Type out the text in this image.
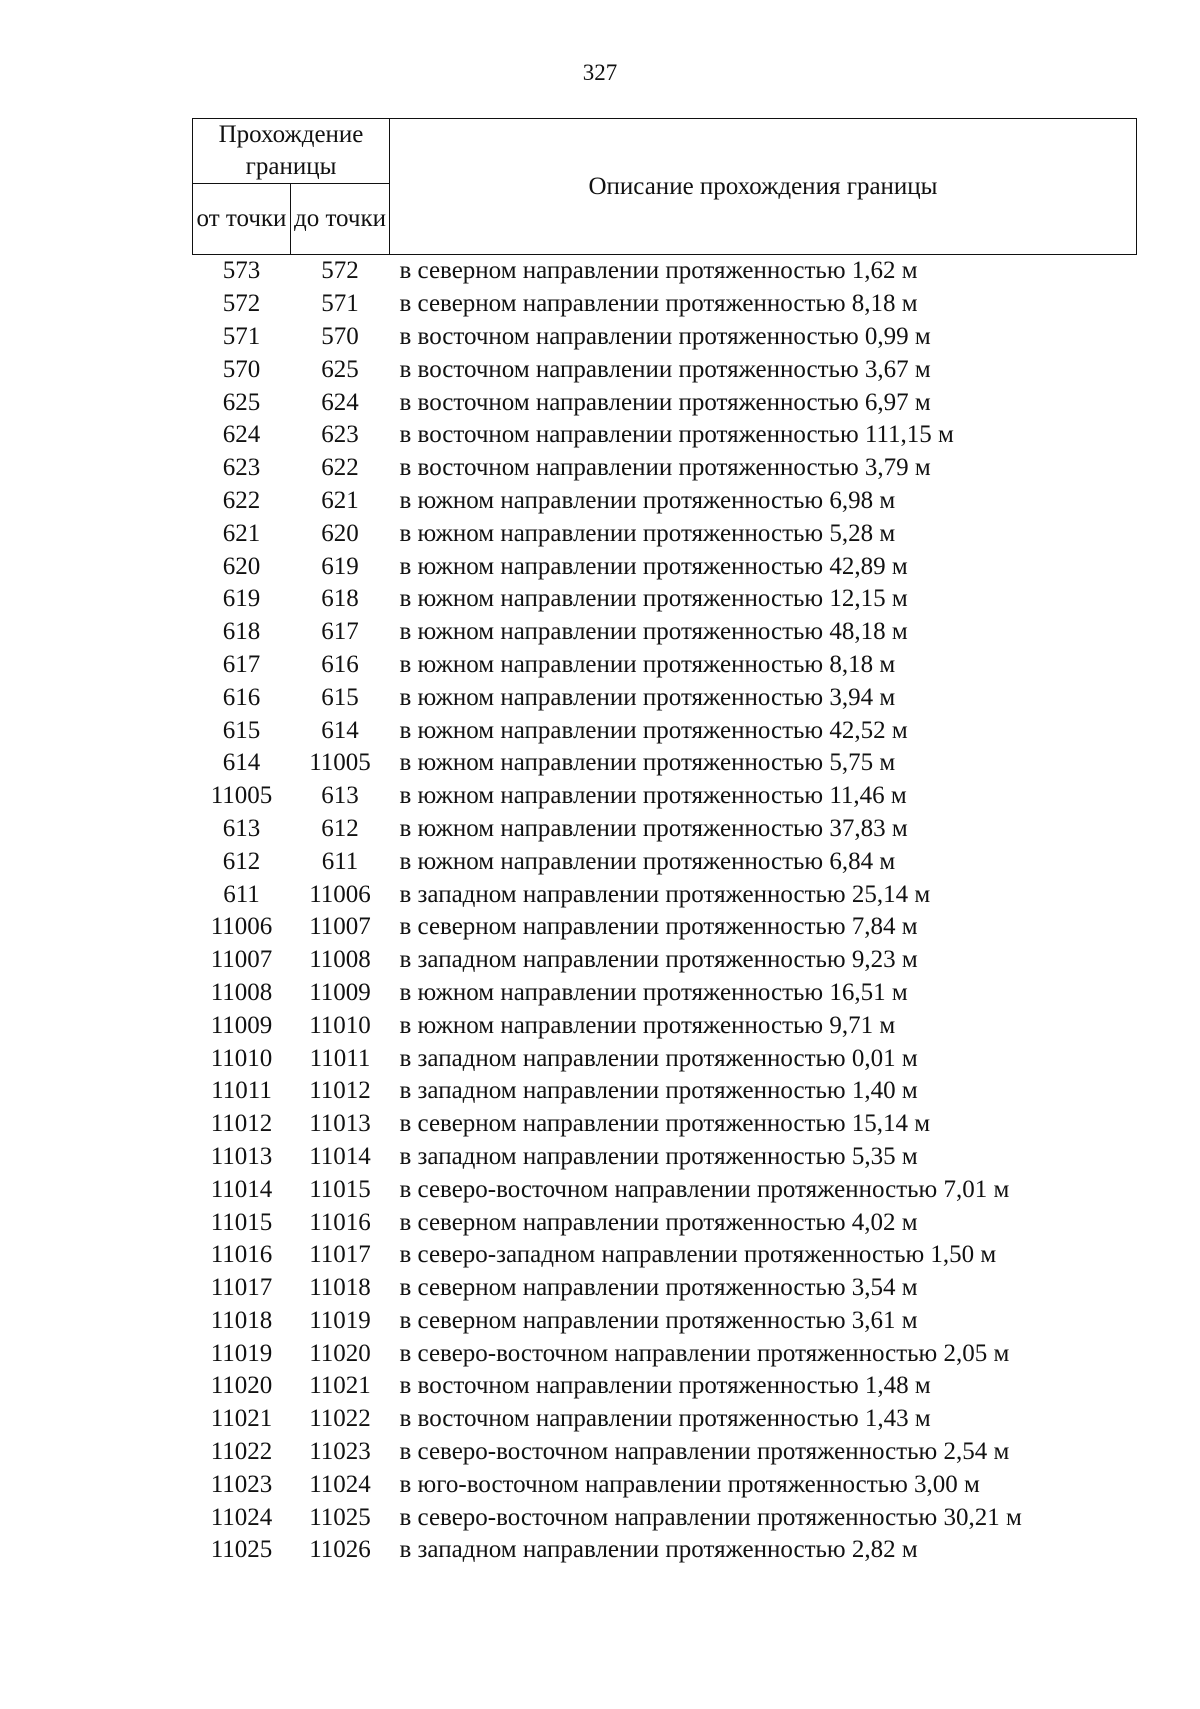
327
Прохождение границы		Описание прохождения границы
от точки	до точки	
573	572	в северном направлении протяженностью 1,62 м
572	571	в северном направлении протяженностью 8,18 м
571	570	в восточном направлении протяженностью 0,99 м
570	625	в восточном направлении протяженностью 3,67 м
625	624	в восточном направлении протяженностью 6,97 м
624	623	в восточном направлении протяженностью 111,15 м
623	622	в восточном направлении протяженностью 3,79 м
622	621	в южном направлении протяженностью 6,98 м
621	620	в южном направлении протяженностью 5,28 м
620	619	в южном направлении протяженностью 42,89 м
619	618	в южном направлении протяженностью 12,15 м
618	617	в южном направлении протяженностью 48,18 м
617	616	в южном направлении протяженностью 8,18 м
616	615	в южном направлении протяженностью 3,94 м
615	614	в южном направлении протяженностью 42,52 м
614	11005	в южном направлении протяженностью 5,75 м
11005	613	в южном направлении протяженностью 11,46 м
613	612	в южном направлении протяженностью 37,83 м
612	611	в южном направлении протяженностью 6,84 м
611	11006	в западном направлении протяженностью 25,14 м
11006	11007	в северном направлении протяженностью 7,84 м
11007	11008	в западном направлении протяженностью 9,23 м
11008	11009	в южном направлении протяженностью 16,51 м
11009	11010	в южном направлении протяженностью 9,71 м
11010	11011	в западном направлении протяженностью 0,01 м
11011	11012	в западном направлении протяженностью 1,40 м
11012	11013	в северном направлении протяженностью 15,14 м
11013	11014	в западном направлении протяженностью 5,35 м
11014	11015	в северо-восточном направлении протяженностью 7,01 м
11015	11016	в северном направлении протяженностью 4,02 м
11016	11017	в северо-западном направлении протяженностью 1,50 м
11017	11018	в северном направлении протяженностью 3,54 м
11018	11019	в северном направлении протяженностью 3,61 м
11019	11020	в северо-восточном направлении протяженностью 2,05 м
11020	11021	в восточном направлении протяженностью 1,48 м
11021	11022	в восточном направлении протяженностью 1,43 м
11022	11023	в северо-восточном направлении протяженностью 2,54 м
11023	11024	в юго-восточном направлении протяженностью 3,00 м
11024	11025	в северо-восточном направлении протяженностью 30,21 м
11025	11026	в западном направлении протяженностью 2,82 м
